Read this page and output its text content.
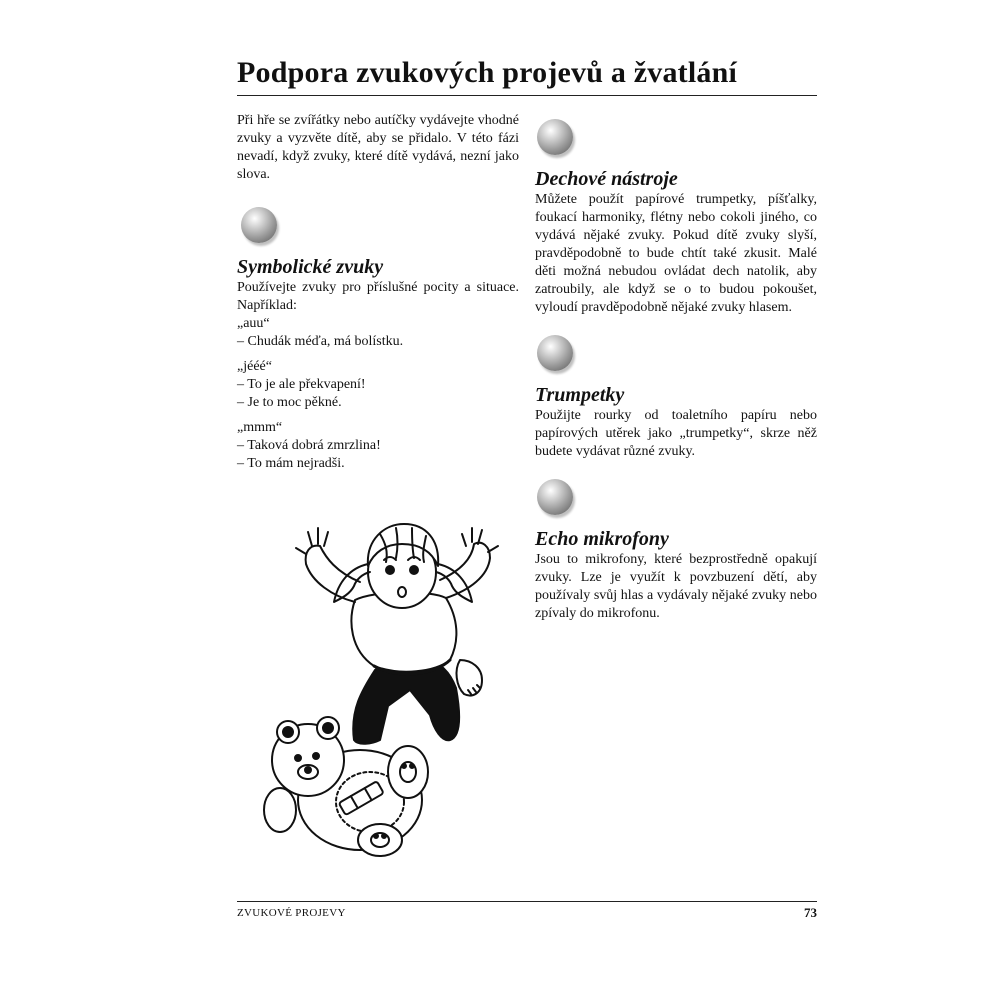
Podpora zvukových projevů a žvatlání

Při hře se zvířátky nebo autíčky vydávejte vhodné zvuky a vyzvěte dítě, aby se přidalo. V této fázi nevadí, když zvuky, které dítě vydává, nezní jako slova.

Symbolické zvuky

Používejte zvuky pro příslušné pocity a situace. Například:

„auu“

– Chudák méďa, má bolístku.

„jééé“

– To je ale překvapení!

– Je to moc pěkné.

„mmm“

– Taková dobrá zmrzlina!

– To mám nejradši.

Dechové nástroje

Můžete použít papírové trumpetky, píšťalky, foukací harmoniky, flétny nebo cokoli jiného, co vydává nějaké zvuky. Pokud dítě zvuky slyší, pravděpodobně to bude chtít také zkusit. Malé děti možná nebudou ovládat dech natolik, aby zatroubily, ale když se o to budou pokoušet, vyloudí pravděpodobně nějaké zvuky hlasem.

Trumpetky

Použijte rourky od toaletního papíru nebo papírových utěrek jako „trumpetky“, skrze něž budete vydávat různé zvuky.

Echo mikrofony

Jsou to mikrofony, které bezprostředně opakují zvuky. Lze je využít k povzbuzení dětí, aby používaly svůj hlas a vydávaly nějaké zvuky nebo zpívaly do mikrofonu.

ZVUKOVÉ PROJEVY	73
